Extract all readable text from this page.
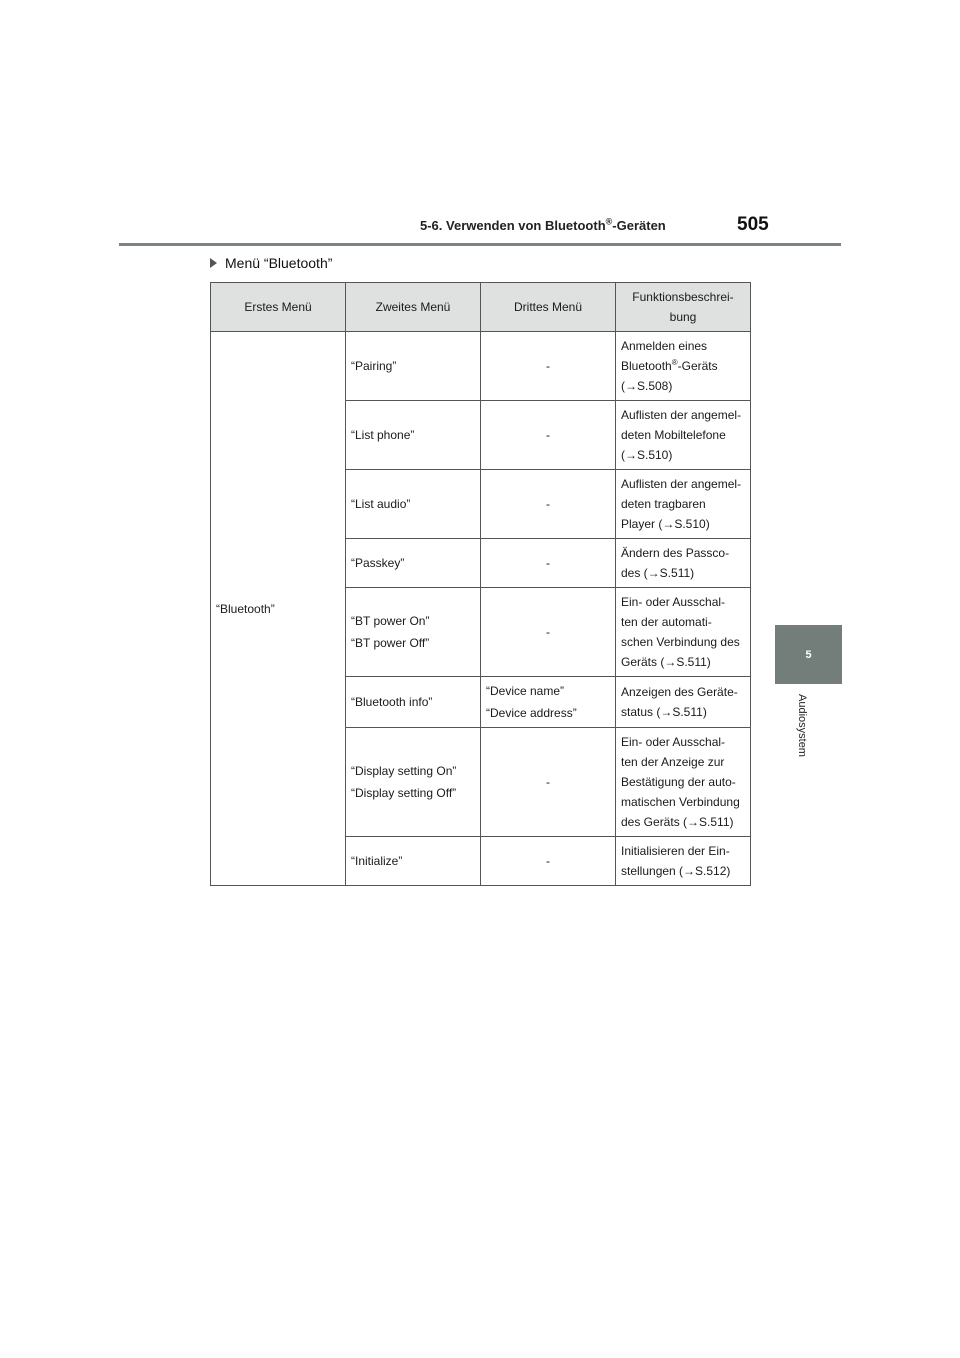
5-6. Verwenden von Bluetooth®-Geräten	505
5
Audiosystem
Menü “Bluetooth”
Erstes Menü	Zweites Menü	Drittes Menü	Funktionsbeschrei-
bung

“Bluetooth”	“Pairing”	-	Anmelden eines
Bluetooth®-Geräts
(→S.508)

	“List phone”	-	Auflisten der angemel-
deten Mobiltelefone
(→S.510)

	“List audio”	-	Auflisten der angemel-
deten tragbaren
Player (→S.510)

	“Passkey”	-	Ändern des Passco-
des (→S.511)

	“BT power On”
“BT power Off”	-	Ein- oder Ausschal-
ten der automati-
schen Verbindung des
Geräts (→S.511)

	“Bluetooth info”	“Device name”
“Device address”	Anzeigen des Geräte-
status (→S.511)

	“Display setting On”
“Display setting Off”	-	Ein- oder Ausschal-
ten der Anzeige zur
Bestätigung der auto-
matischen Verbindung
des Geräts (→S.511)

	“Initialize”	-	Initialisieren der Ein-
stellungen (→S.512)
